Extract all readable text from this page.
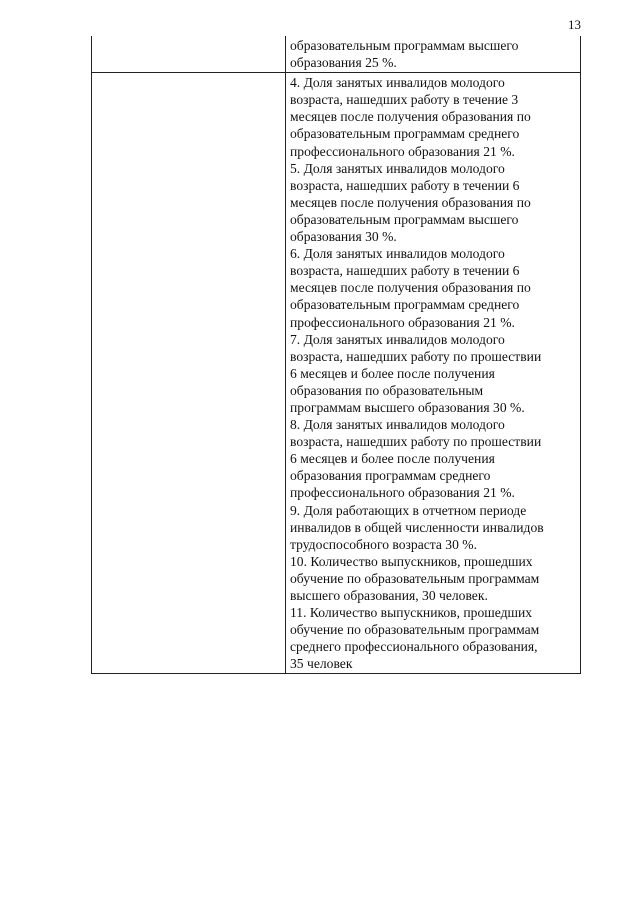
13
образовательным программам высшего
образования 25 %.
4. Доля занятых инвалидов молодого
возраста, нашедших работу в течение 3
месяцев после получения образования по
образовательным программам среднего
профессионального образования 21 %.
5. Доля занятых инвалидов молодого
возраста, нашедших работу в течении 6
месяцев после получения образования по
образовательным программам высшего
образования 30 %.
6. Доля занятых инвалидов молодого
возраста, нашедших работу в течении 6
месяцев после получения образования по
образовательным программам среднего
профессионального образования 21 %.
7. Доля занятых инвалидов молодого
возраста, нашедших работу по прошествии
6 месяцев и более после получения
образования по образовательным
программам высшего образования 30 %.
8. Доля занятых инвалидов молодого
возраста, нашедших работу по прошествии
6 месяцев и более после получения
образования программам среднего
профессионального образования 21 %.
9. Доля работающих в отчетном периоде
инвалидов в общей численности инвалидов
трудоспособного возраста 30 %.
10. Количество выпускников, прошедших
обучение по образовательным программам
высшего образования, 30 человек.
11. Количество выпускников, прошедших
обучение по образовательным программам
среднего профессионального образования,
35 человек
